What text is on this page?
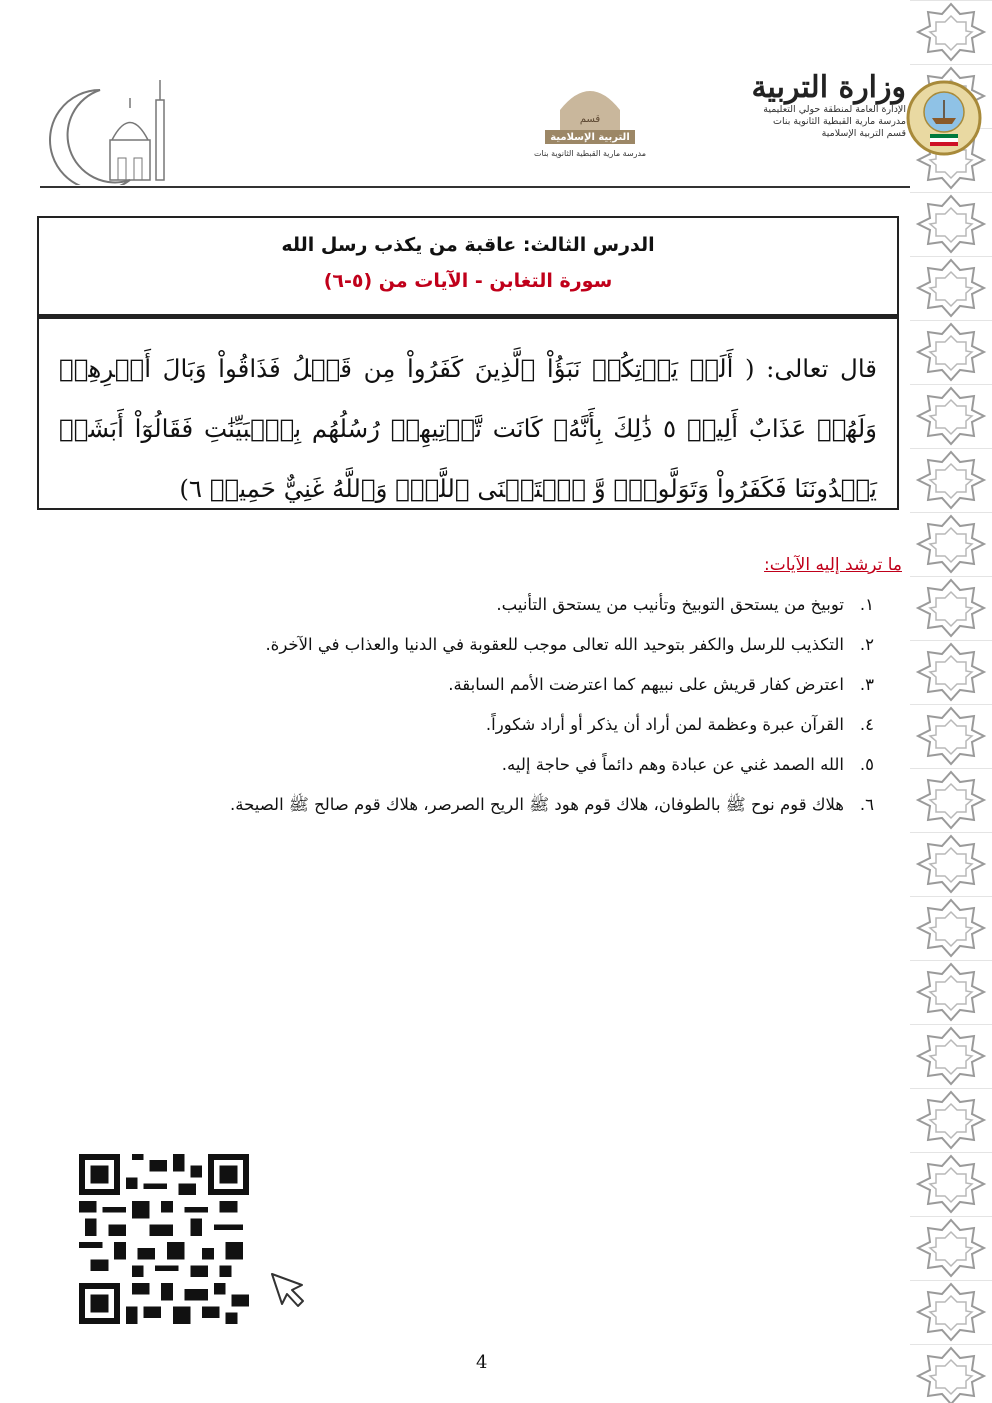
قسم
التربية الإسلامية
مدرسة مارية القبطية الثانوية بنات
وزارة التربية
الإدارة العامة لمنطقة حولي التعليمية
مدرسة مارية القبطية الثانوية بنات
قسم التربية الإسلامية
الدرس الثالث: عاقبة من يكذب رسل الله
سورة التغابن - الآيات من (٥-٦)
قال تعالى: ( أَلَمۡ يَأۡتِكُمۡ نَبَؤُاْ ٱلَّذِينَ كَفَرُواْ مِن قَبۡلُ فَذَاقُواْ وَبَالَ أَمۡرِهِمۡ وَلَهُمۡ عَذَابٌ أَلِيمٞ ٥ ذَٰلِكَ بِأَنَّهُۥ كَانَت تَّأۡتِيهِمۡ رُسُلُهُم بِٱلۡبَيِّنَٰتِ فَقَالُوٓاْ أَبَشَرٞ يَهۡدُونَنَا فَكَفَرُواْ وَتَوَلَّواْۖ وَّ ٱسۡتَغۡنَى ٱللَّهُۚ وَٱللَّهُ غَنِيٌّ حَمِيدٞ ٦)
ما ترشد إليه الآيات:
١.توبيخ من يستحق التوبيخ وتأنيب من يستحق التأنيب.
٢.التكذيب للرسل والكفر بتوحيد الله تعالى موجب للعقوبة في الدنيا والعذاب في الآخرة.
٣.اعترض كفار قريش على نبيهم كما اعترضت الأمم السابقة.
٤.القرآن عبرة وعظمة لمن أراد أن يذكر أو أراد شكوراً.
٥.الله الصمد غني عن عبادة وهم دائماً في حاجة إليه.
٦.هلاك قوم نوح ﷺ بالطوفان، هلاك قوم هود ﷺ الريح الصرصر، هلاك قوم صالح ﷺ الصيحة.
4
